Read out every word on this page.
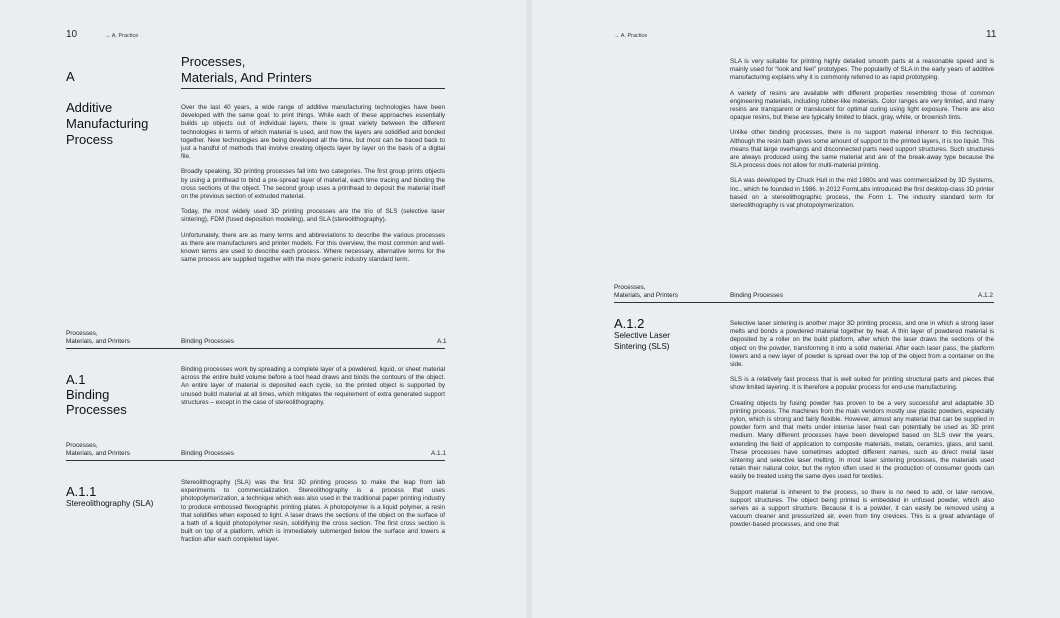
10	→ A. Practice
A
Processes,
Materials, And Printers
Additive
Manufacturing
Process

Over the last 40 years, a wide range of additive manufacturing technologies have been developed with the same goal: to print things. While each of these approaches essentially builds up objects out of individual layers, there is great variety between the different technologies in terms of which material is used, and how the layers are solidified and bonded together. New technologies are being developed all the time, but most can be traced back to just a handful of methods that involve creating objects layer by layer on the basis of a digital file.

Broadly speaking, 3D printing processes fall into two categories. The first group prints objects by using a printhead to bind a pre-spread layer of material, each time tracing and binding the cross sections of the object. The second group uses a printhead to deposit the material itself on the previous section of extruded material.

Today, the most widely used 3D printing processes are the trio of SLS (selective laser sintering), FDM (fused deposition modeling), and SLA (stereolithography).

Unfortunately, there are as many terms and abbreviations to describe the various processes as there are manufacturers and printer models. For this overview, the most common and well-known terms are used to describe each process. Where necessary, alternative terms for the same process are supplied together with the more generic industry standard term.

Processes,
Materials, and Printers	Binding Processes	A.1
A.1
Binding
Processes

Binding processes work by spreading a complete layer of a powdered, liquid, or sheet material across the entire build volume before a tool head draws and binds the contours of the object. An entire layer of material is deposited each cycle, so the printed object is supported by unused build material at all times, which mitigates the requirement of extra generated support structures – except in the case of stereolithography.

Processes,
Materials, and Printers	Binding Processes	A.1.1
A.1.1
Stereolithography (SLA)

Stereolithography (SLA) was the first 3D printing process to make the leap from lab experiments to commercialization. Stereolithography is a process that uses photopolymerization, a technique which was also used in the traditional paper printing industry to produce embossed flexographic printing plates. A photopolymer is a liquid polymer, a resin that solidifies when exposed to light. A laser draws the sections of the object on the surface of a bath of a liquid photopolymer resin, solidifying the cross section. The first cross section is built on top of a platform, which is immediately submerged below the surface and lowers a fraction after each completed layer.

→ A. Practice	11

SLA is very suitable for printing highly detailed smooth parts at a reasonable speed and is mainly used for “look and feel” prototypes. The popularity of SLA in the early years of additive manufacturing explains why it is commonly referred to as rapid prototyping.

A variety of resins are available with different properties resembling those of common engineering materials, including rubber-like materials. Color ranges are very limited, and many resins are transparent or translucent for optimal curing using light exposure. There are also opaque resins, but these are typically limited to black, gray, white, or brownish tints.

Unlike other binding processes, there is no support material inherent to this technique. Although the resin bath gives some amount of support to the printed layers, it is too liquid. This means that large overhangs and disconnected parts need support structures. Such structures are always produced using the same material and are of the break-away type because the SLA process does not allow for multi-material printing.

SLA was developed by Chuck Hull in the mid 1980s and was commercialized by 3D Systems, Inc., which he founded in 1986. In 2012 FormLabs introduced the first desktop-class 3D printer based on a stereolithographic process, the Form 1. The industry standard term for stereolithography is vat photopolymerization.

Processes,
Materials, and Printers	Binding Processes	A.1.2
A.1.2
Selective Laser
Sintering (SLS)

Selective laser sintering is another major 3D printing process, and one in which a strong laser melts and bonds a powdered material together by heat. A thin layer of powdered material is deposited by a roller on the build platform, after which the laser draws the sections of the object on the powder, transforming it into a solid material. After each laser pass, the platform lowers and a new layer of powder is spread over the top of the object from a container on the side.

SLS is a relatively fast process that is well suited for printing structural parts and pieces that show limited layering. It is therefore a popular process for end-use manufacturing.

Creating objects by fusing powder has proven to be a very successful and adaptable 3D printing process. The machines from the main vendors mostly use plastic powders, especially nylon, which is strong and fairly flexible. However, almost any material that can be supplied in powder form and that melts under intense laser heat can potentially be used as 3D print medium. Many different processes have been developed based on SLS over the years, extending the field of application to composite materials, metals, ceramics, glass, and sand. These processes have sometimes adopted different names, such as direct metal laser sintering and selective laser melting. In most laser sintering processes, the materials used retain their natural color, but the nylon often used in the production of consumer goods can easily be treated using the same dyes used for textiles.

Support material is inherent to the process, so there is no need to add, or later remove, support structures. The object being printed is embedded in unfused powder, which also serves as a support structure. Because it is a powder, it can easily be removed using a vacuum cleaner and pressurized air, even from tiny crevices. This is a great advantage of powder-based processes, and one that
